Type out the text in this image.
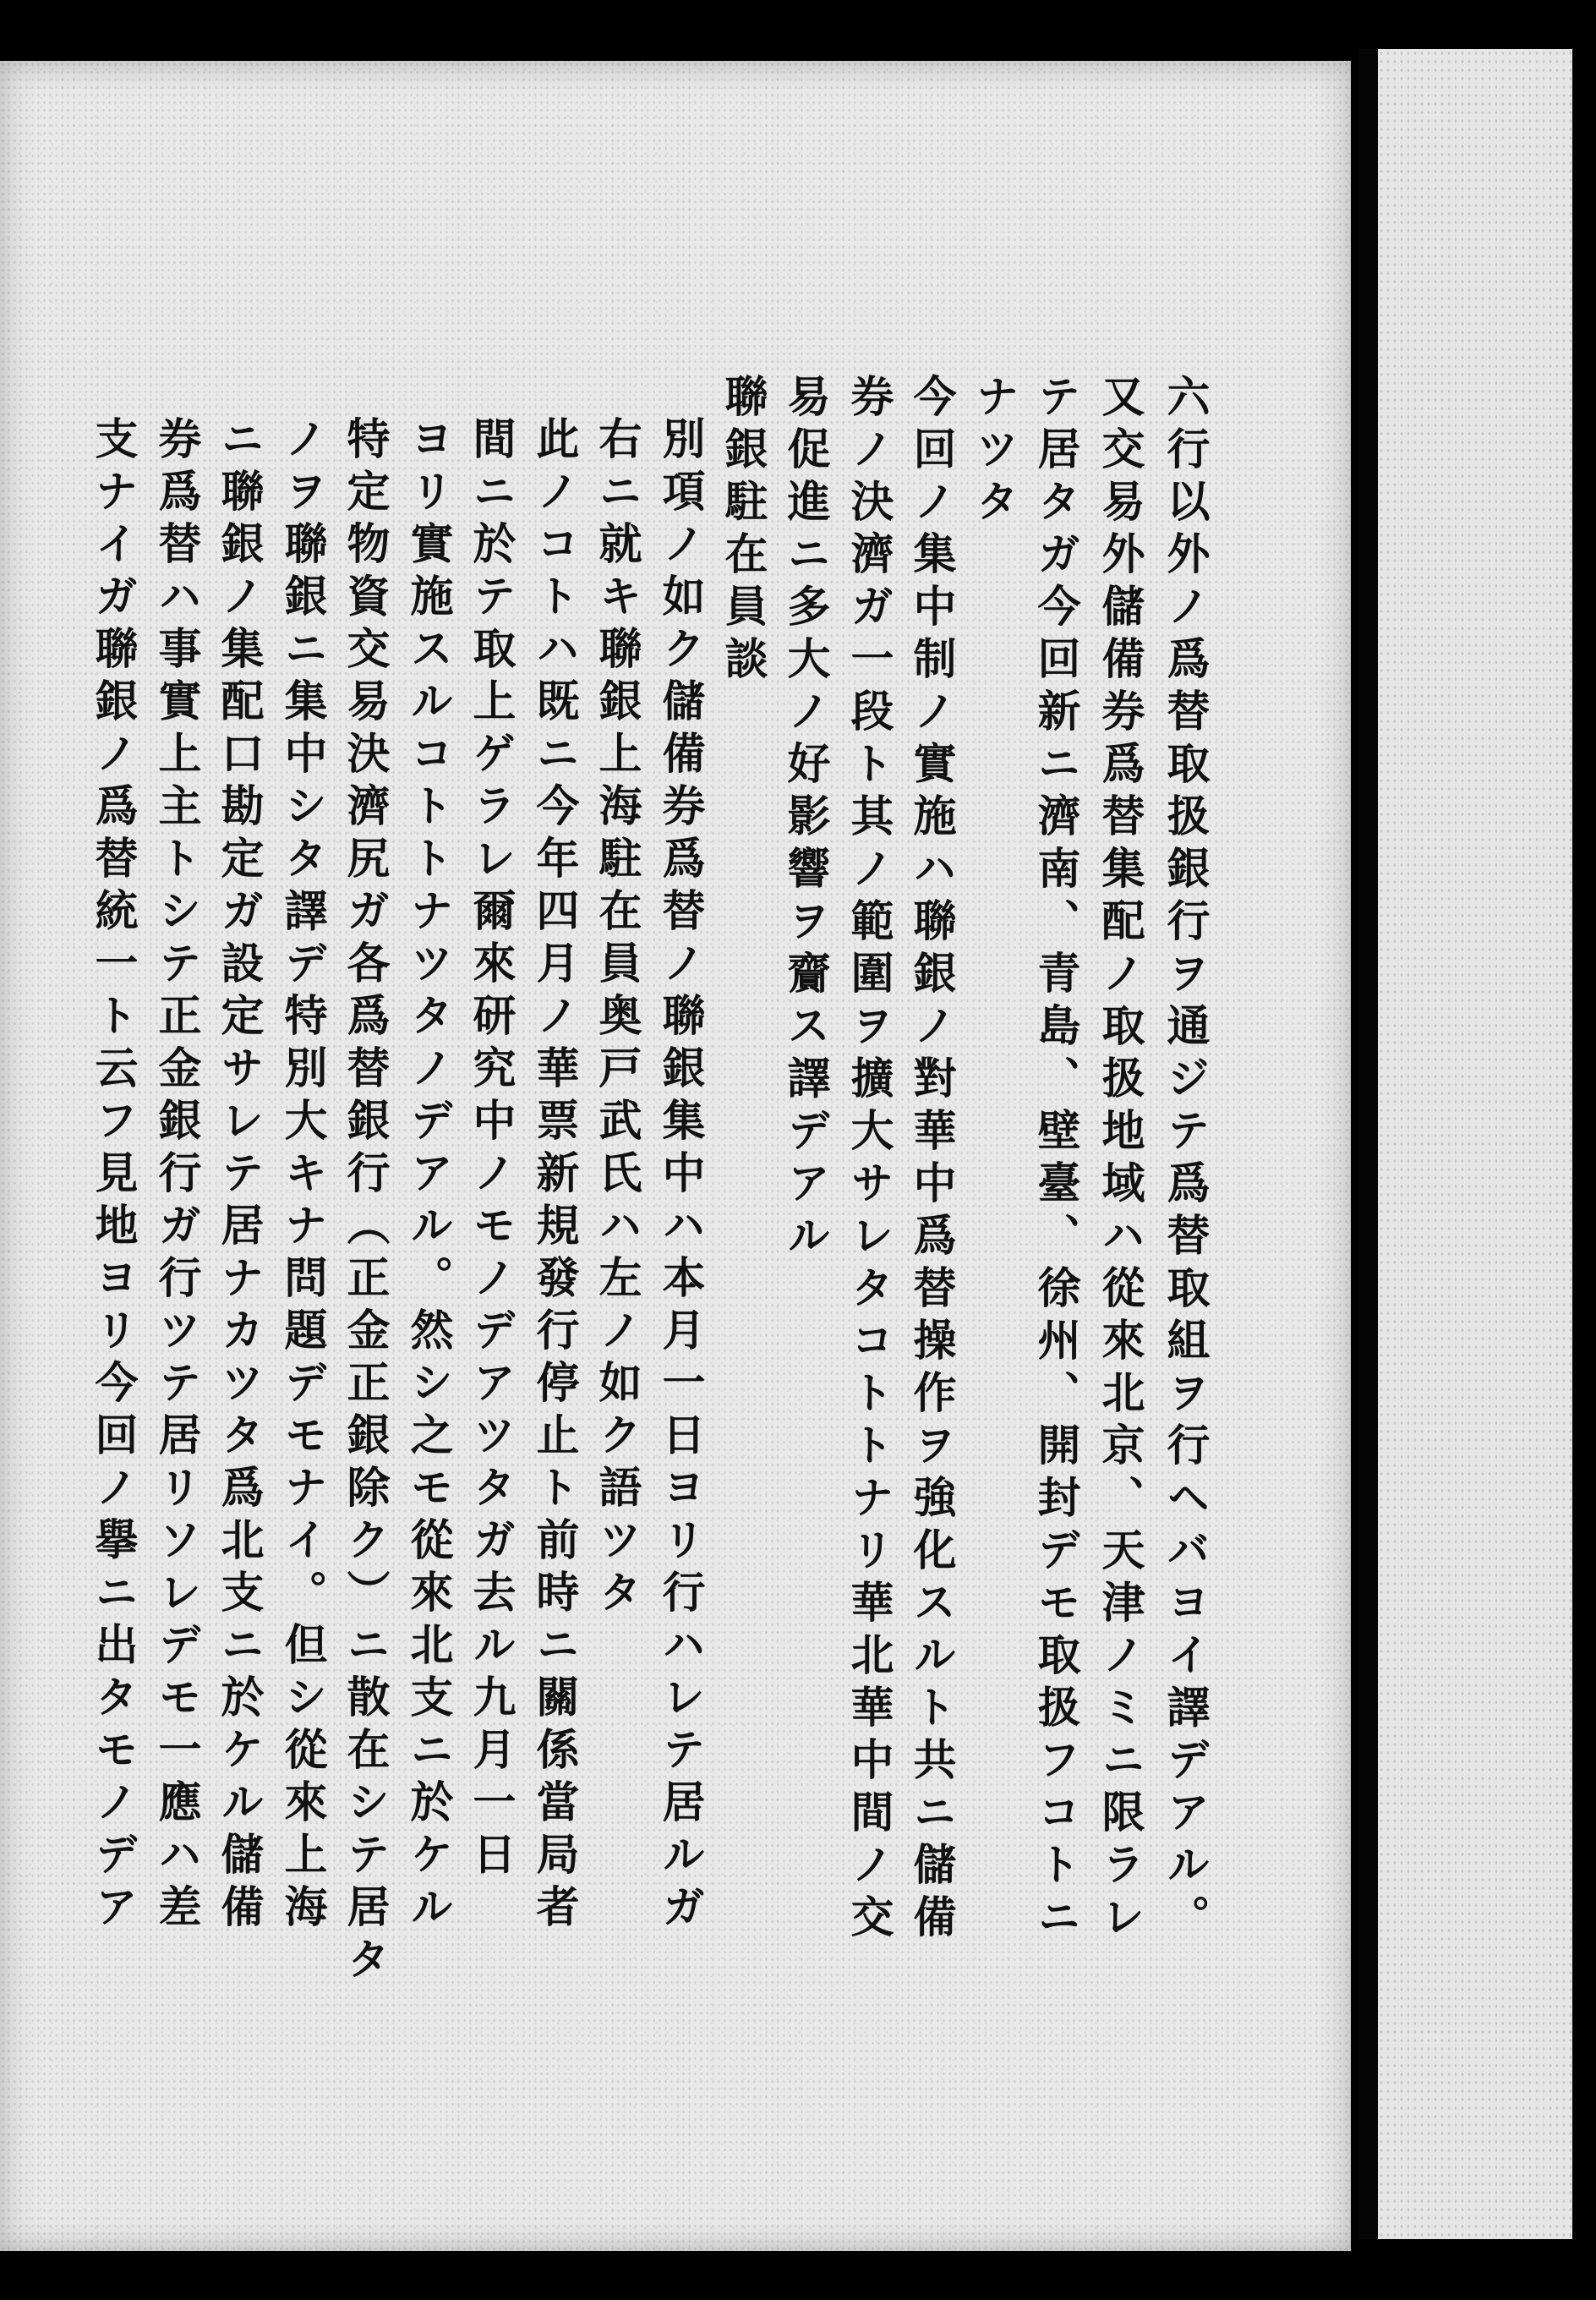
六行以外ノ爲替取扱銀行ヲ通ジテ爲替取組ヲ行ヘバヨイ譯デアル。
又交易外儲備券爲替集配ノ取扱地域ハ從來北京、天津ノミニ限ラレ
テ居タガ今回新ニ濟南、青島、壁臺、徐州、開封デモ取扱フコトニ
ナツタ
今回ノ集中制ノ實施ハ聯銀ノ對華中爲替操作ヲ強化スルト共ニ儲備
券ノ決濟ガ一段ト其ノ範圍ヲ擴大サレタコトトナリ華北華中間ノ交
易促進ニ多大ノ好影響ヲ齎ス譯デアル
聯銀駐在員談
別項ノ如ク儲備券爲替ノ聯銀集中ハ本月一日ヨリ行ハレテ居ルガ
右ニ就キ聯銀上海駐在員奥戸武氏ハ左ノ如ク語ツタ
此ノコトハ既ニ今年四月ノ華票新規發行停止ト前時ニ關係當局者
間ニ於テ取上ゲラレ爾來研究中ノモノデアツタガ去ル九月一日
ヨリ實施スルコトトナツタノデアル。然シ之モ從來北支ニ於ケル
特定物資交易決濟尻ガ各爲替銀行（正金正銀除ク）ニ散在シテ居タ
ノヲ聯銀ニ集中シタ譯デ特別大キナ問題デモナイ。但シ從來上海
ニ聯銀ノ集配口勘定ガ設定サレテ居ナカツタ爲北支ニ於ケル儲備
券爲替ハ事實上主トシテ正金銀行ガ行ツテ居リソレデモ一應ハ差
支ナイガ聯銀ノ爲替統一ト云フ見地ヨリ今回ノ擧ニ出タモノデア
